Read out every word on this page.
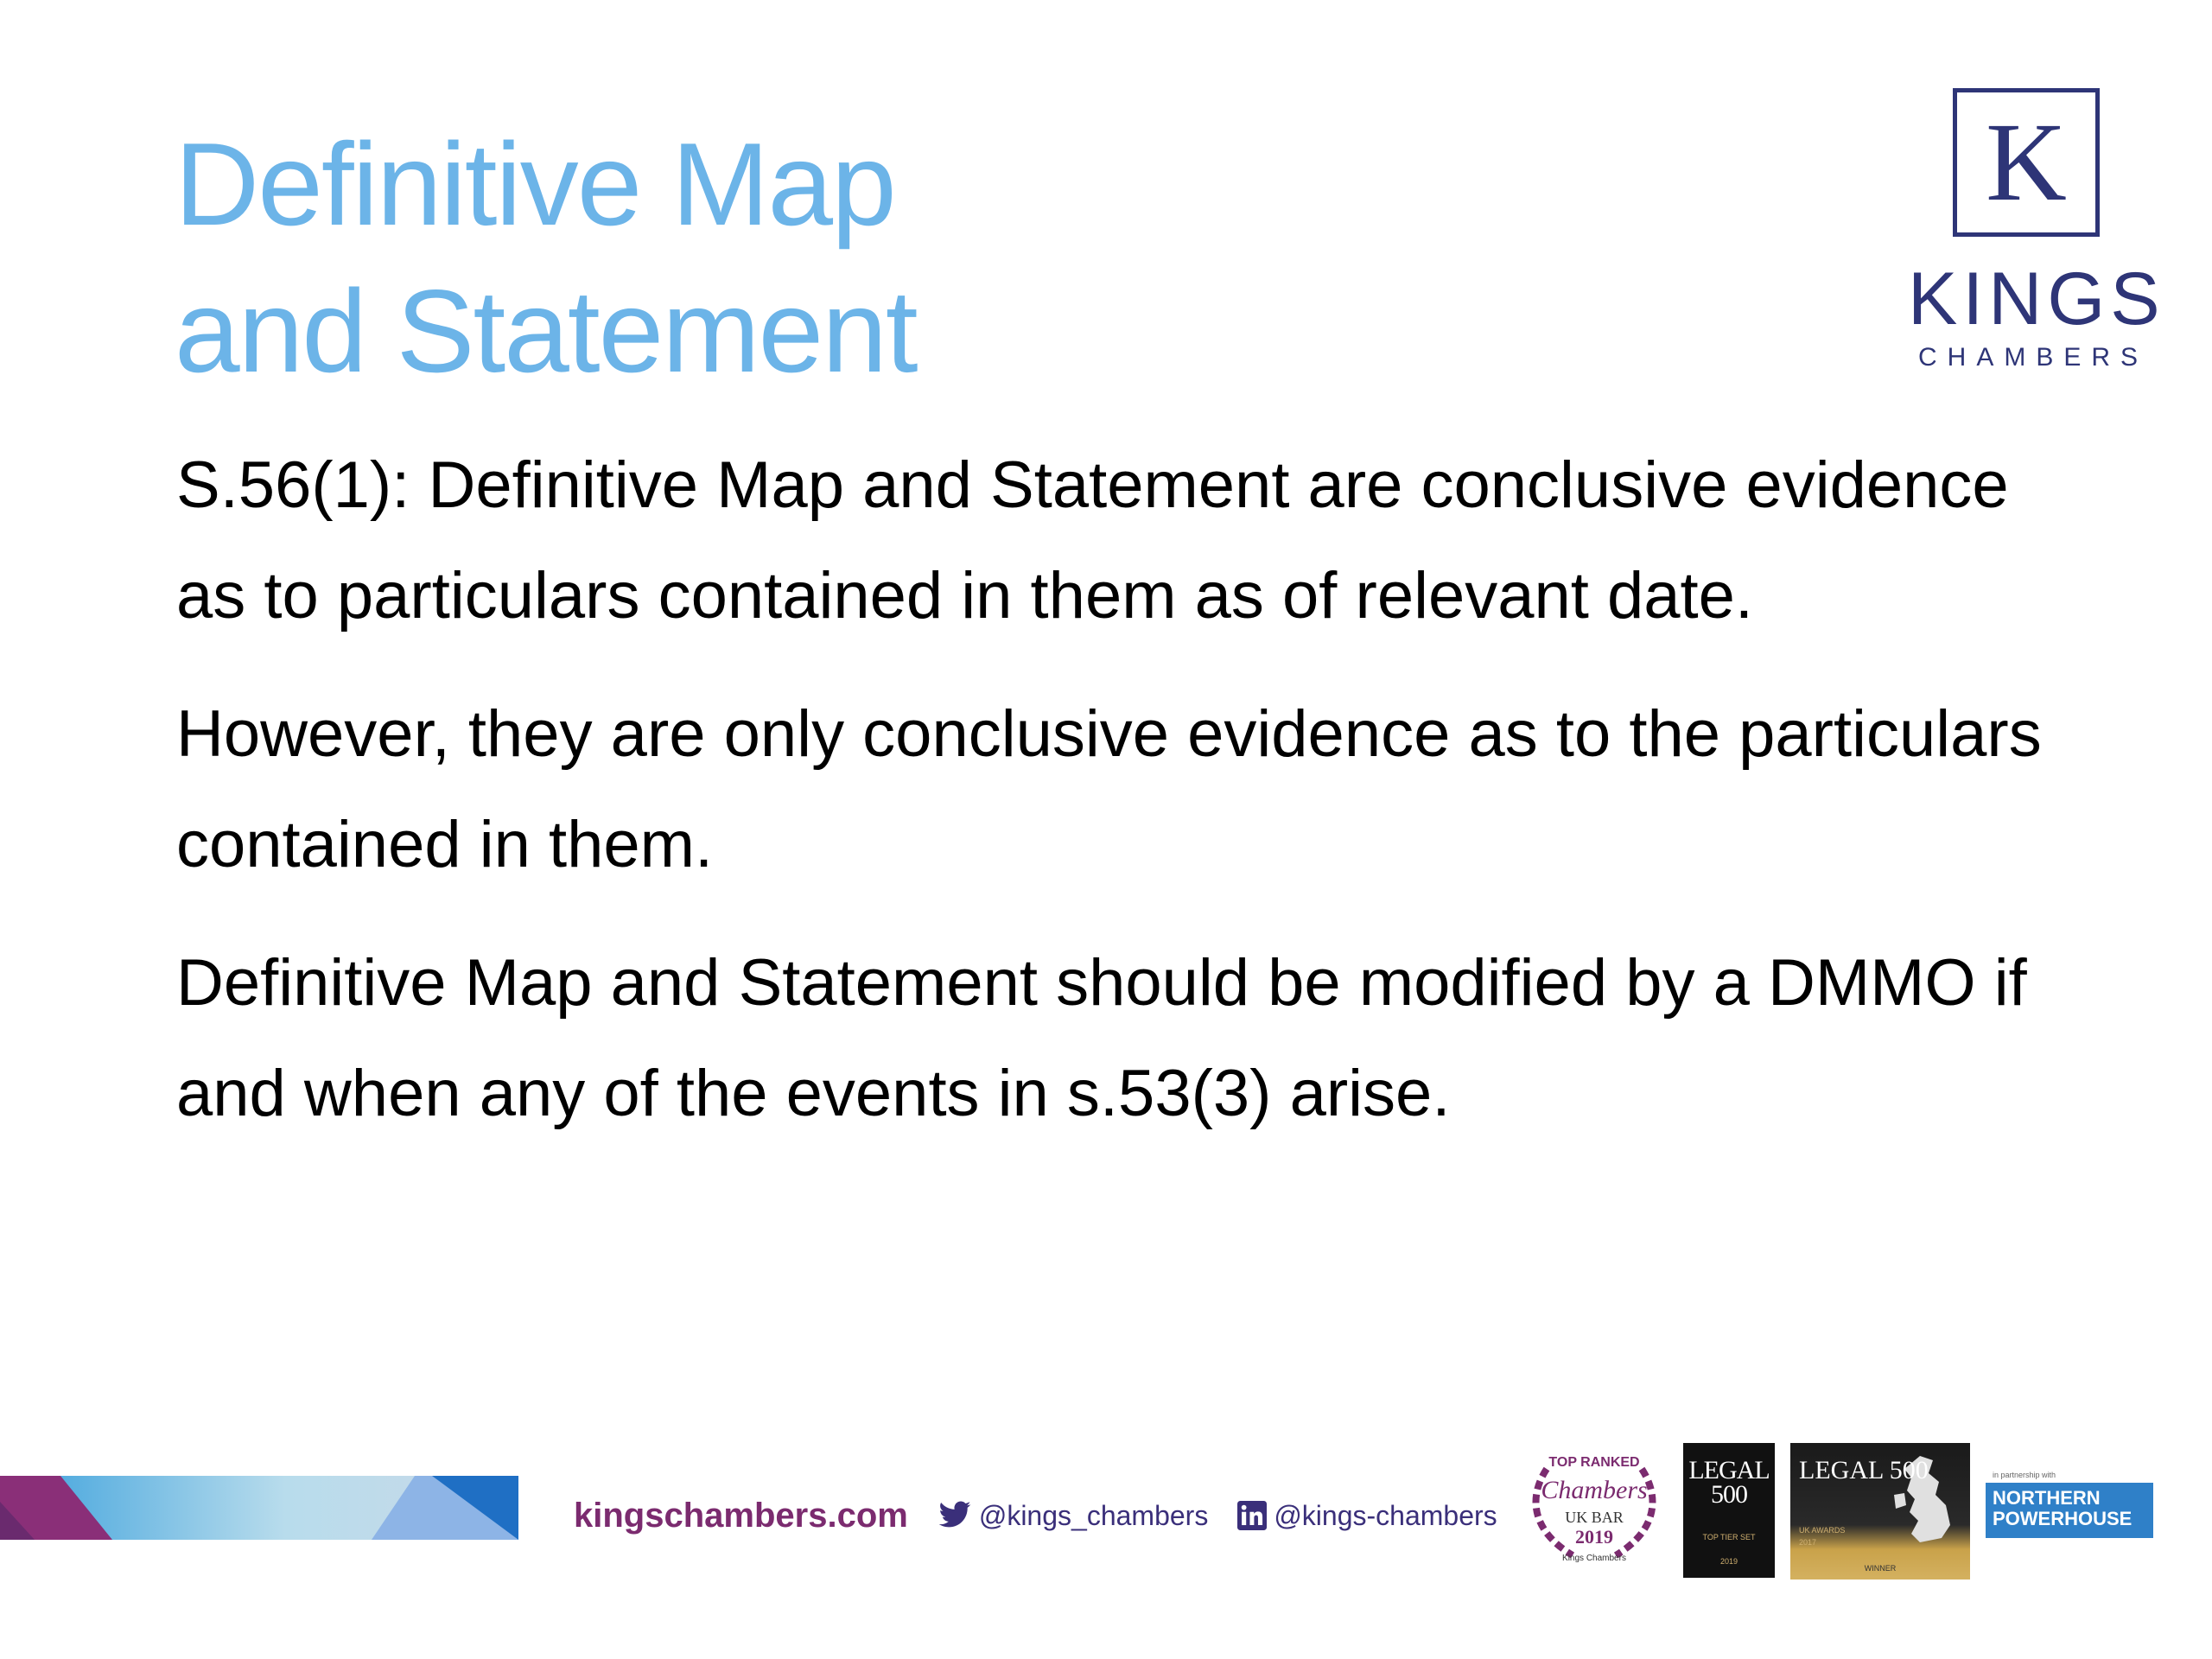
Definitive Map
and Statement
K
KINGS
CHAMBERS

S.56(1): Definitive Map and Statement are conclusive evidence as to particulars contained in them as of relevant date.

However, they are only conclusive evidence as to the particulars contained in them.

Definitive Map and Statement should be modified by a DMMO if and when any of the events in s.53(3) arise.

kingschambers.com	@kings_chambers @kings-chambers
TOP RANKED
Chambers
UK BAR
2019
Kings Chambers
LEGAL 500
TOP TIER SET
2019
LEGAL 500
UK AWARDS
2017
WINNER
in partnership with
NORTHERN POWERHOUSE
